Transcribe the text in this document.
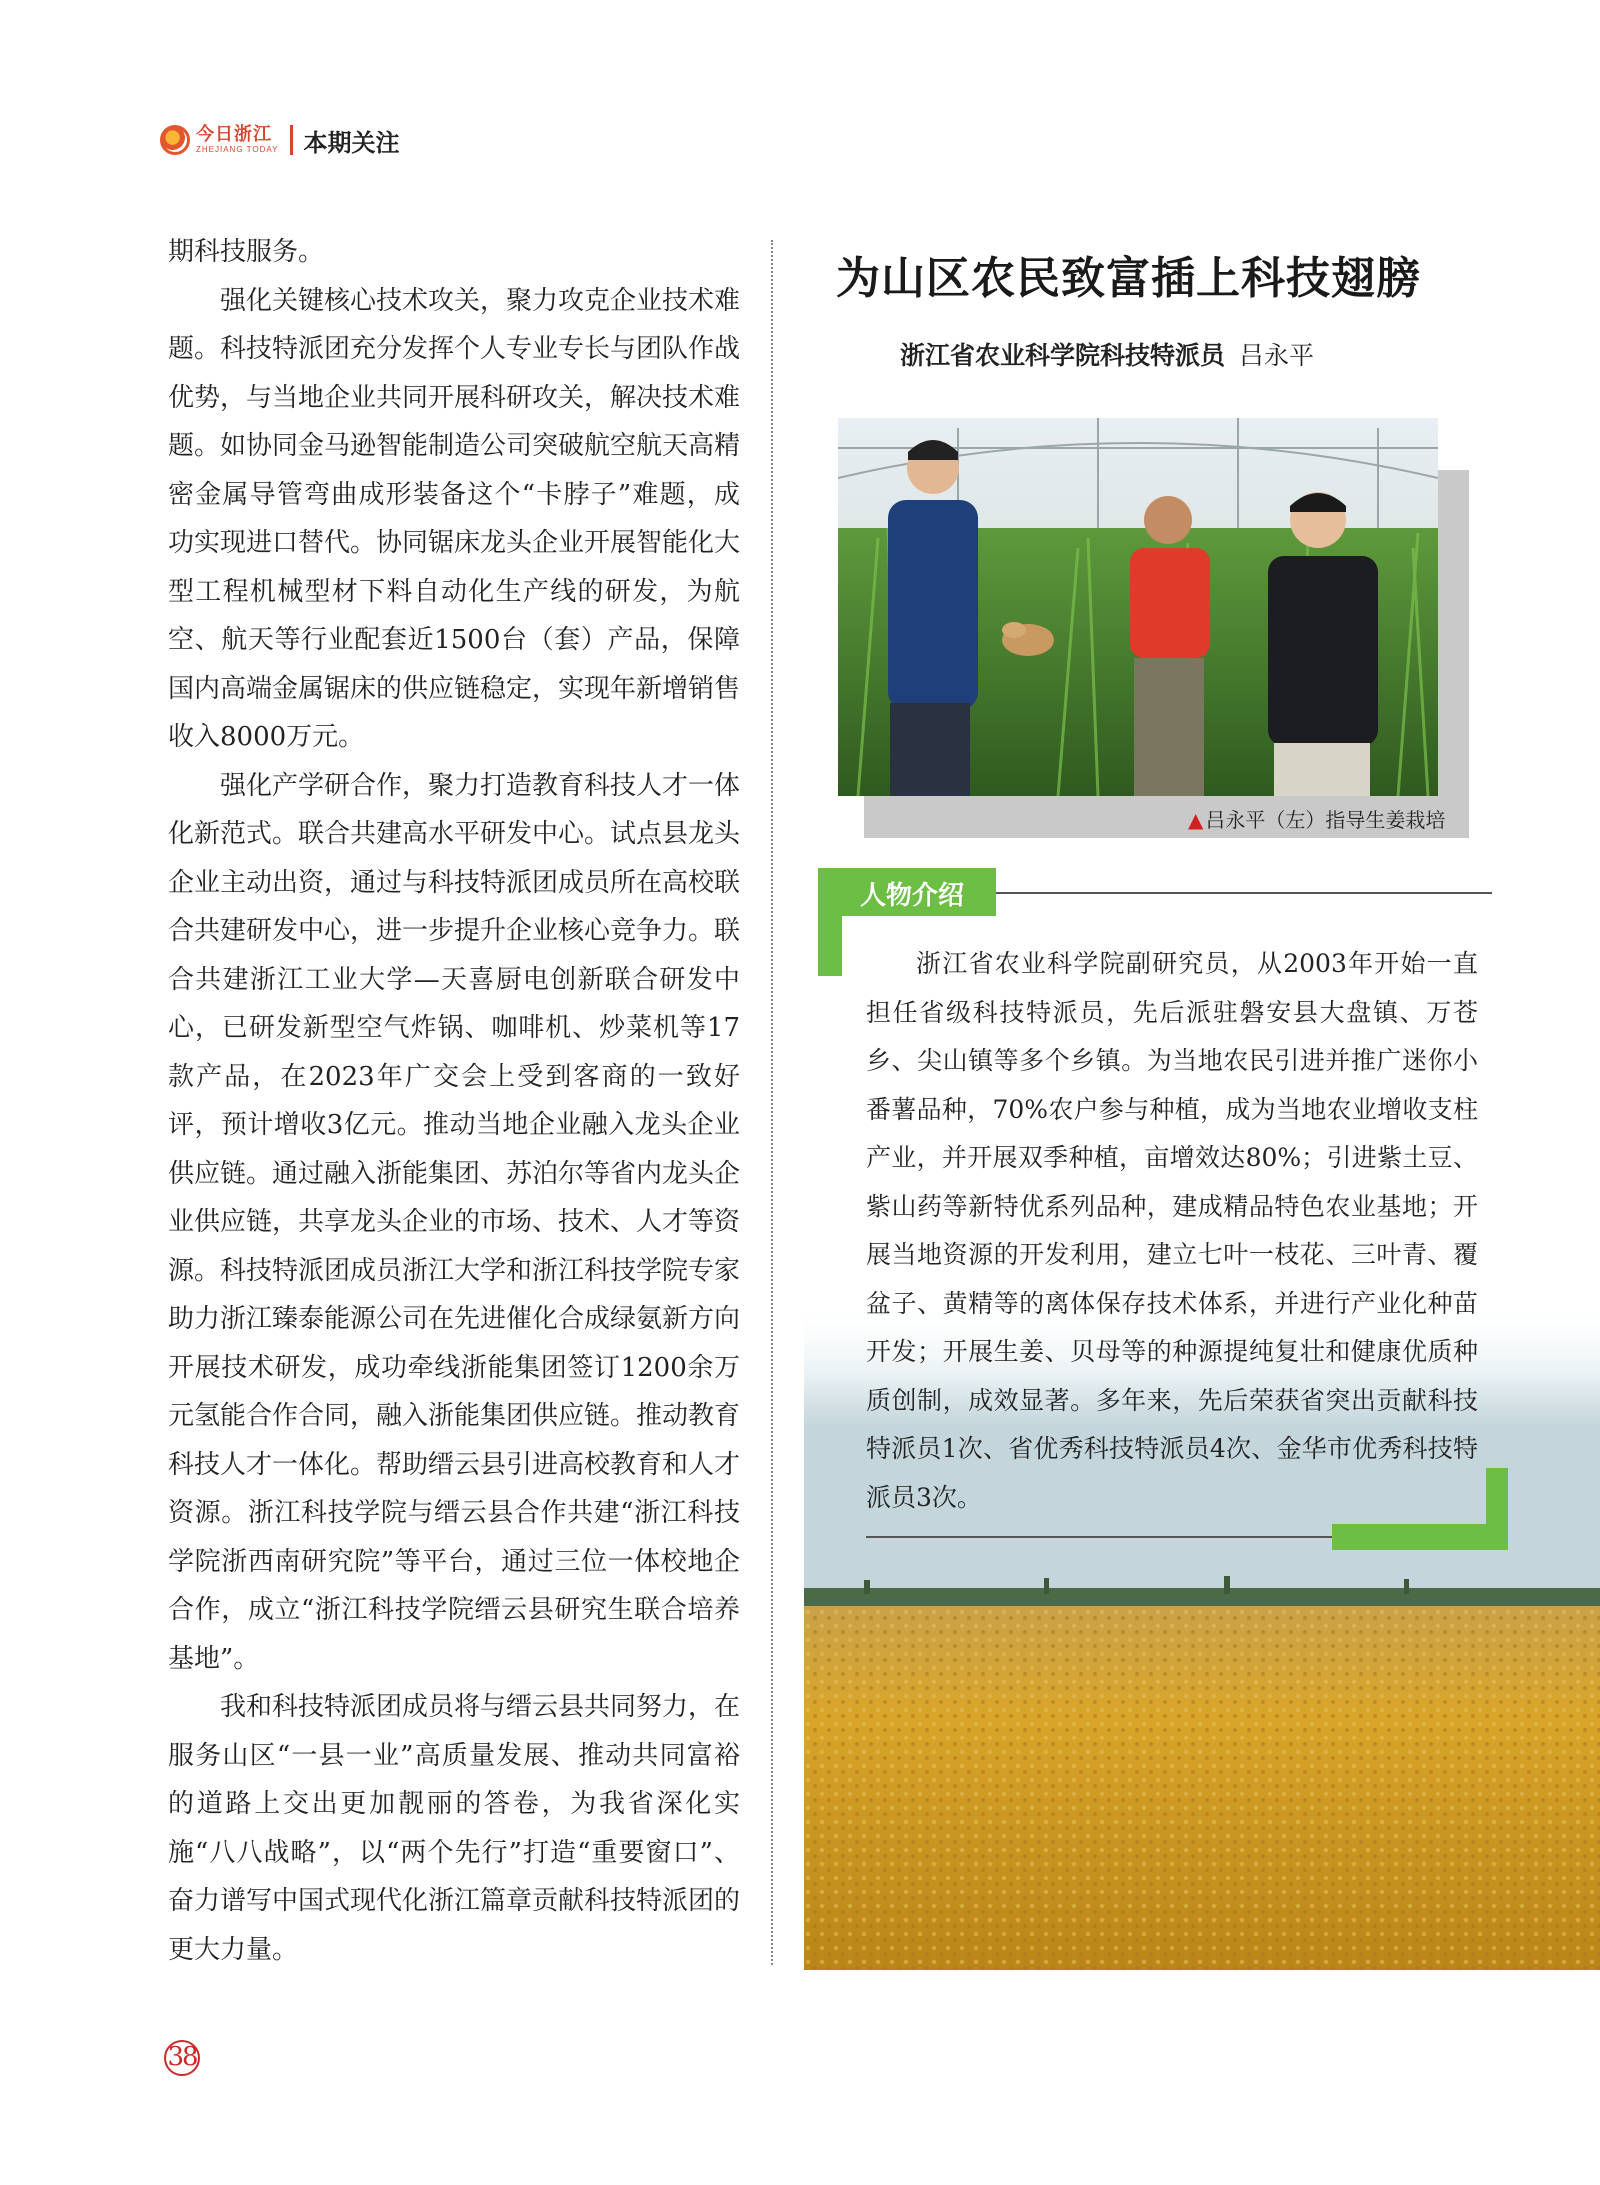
今日浙江
ZHEJIANG TODAY 本期关注

期科技服务。

强化关键核心技术攻关，聚力攻克企业技术难题。科技特派团充分发挥个人专业专长与团队作战优势，与当地企业共同开展科研攻关，解决技术难题。如协同金马逊智能制造公司突破航空航天高精密金属导管弯曲成形装备这个“卡脖子”难题，成功实现进口替代。协同锯床龙头企业开展智能化大型工程机械型材下料自动化生产线的研发，为航空、航天等行业配套近1500台（套）产品，保障国内高端金属锯床的供应链稳定，实现年新增销售收入8000万元。

强化产学研合作，聚力打造教育科技人才一体化新范式。联合共建高水平研发中心。试点县龙头企业主动出资，通过与科技特派团成员所在高校联合共建研发中心，进一步提升企业核心竞争力。联合共建浙江工业大学—天喜厨电创新联合研发中心，已研发新型空气炸锅、咖啡机、炒菜机等17款产品，在2023年广交会上受到客商的一致好评，预计增收3亿元。推动当地企业融入龙头企业供应链。通过融入浙能集团、苏泊尔等省内龙头企业供应链，共享龙头企业的市场、技术、人才等资源。科技特派团成员浙江大学和浙江科技学院专家助力浙江臻泰能源公司在先进催化合成绿氨新方向开展技术研发，成功牵线浙能集团签订1200余万元氢能合作合同，融入浙能集团供应链。推动教育科技人才一体化。帮助缙云县引进高校教育和人才资源。浙江科技学院与缙云县合作共建“浙江科技学院浙西南研究院”等平台，通过三位一体校地企合作，成立“浙江科技学院缙云县研究生联合培养基地”。

我和科技特派团成员将与缙云县共同努力，在服务山区“一县一业”高质量发展、推动共同富裕的道路上交出更加靓丽的答卷，为我省深化实施“八八战略”，以“两个先行”打造“重要窗口”、奋力谱写中国式现代化浙江篇章贡献科技特派团的更大力量。

为山区农民致富插上科技翅膀
浙江省农业科学院科技特派员 吕永平
▲ 吕永平（左）指导生姜栽培
人物介绍

浙江省农业科学院副研究员，从2003年开始一直担任省级科技特派员，先后派驻磐安县大盘镇、万苍乡、尖山镇等多个乡镇。为当地农民引进并推广迷你小番薯品种，70%农户参与种植，成为当地农业增收支柱产业，并开展双季种植，亩增效达80%；引进紫土豆、紫山药等新特优系列品种，建成精品特色农业基地；开展当地资源的开发利用，建立七叶一枝花、三叶青、覆盆子、黄精等的离体保存技术体系，并进行产业化种苗开发；开展生姜、贝母等的种源提纯复壮和健康优质种质创制，成效显著。多年来，先后荣获省突出贡献科技特派员1次、省优秀科技特派员4次、金华市优秀科技特派员3次。

38
